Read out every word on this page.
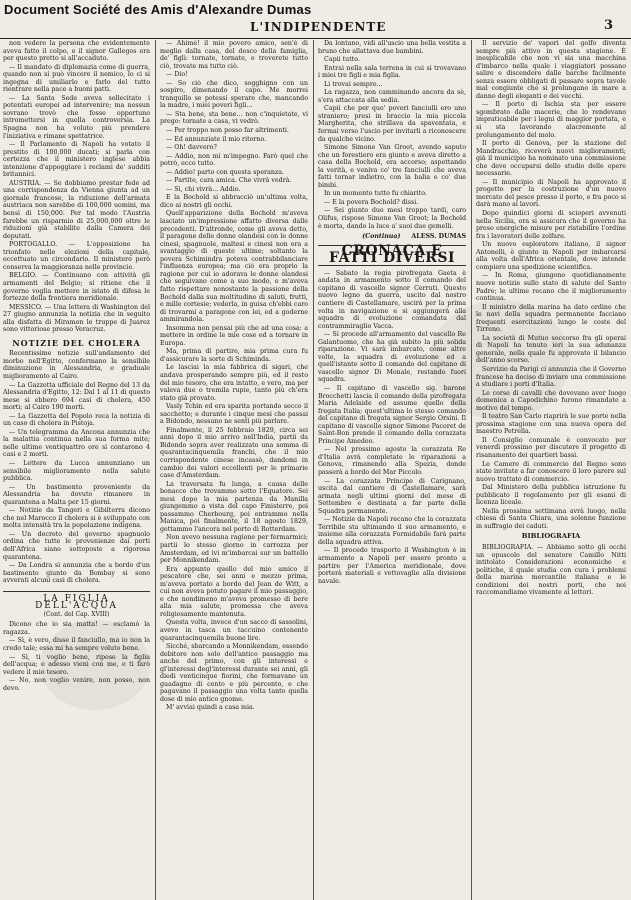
Document Société des Amis d'Alexandre Dumas
L'INDIPENDENTE	3

non vedere la persona che evidentemente aveva fatto il colpo, e il signor Gallegos era per questo pretto si all'accaduto.

— Il mandato di diplomazia come di guerra, quando non si può vincere il nemico, lo ci si ingegna di umiliarlo e farlo del tutto rientrare nella pace a buoni patti.

— La Santa Sede aveva sollecitato i potentati europei ad intervenire; ma nessun sovrano trovò che fosse opportuno intromettersi in quella controversia. La Spagna non ha voluto più prendere l'iniziativa e rimane spettatrice.

— Il Parlamento di Napoli ha votato il prestito di 100,000 ducati; si parla con certezza che il ministero inglese abbia intenzione d'appoggiare i reclami de' sudditi britannici.

AUSTRIA. — Se dobbiamo prestar fede ad una corrispondenza da Vienna giunta ad un giornale francese, la riduzione dell'armata austriaca non sarebbe di 100,000 uomini, ma bensì di 150,000. Per tal modo l'Austria farebbe un risparmio di 25,000,000 oltre le riduzioni già stabilite dalla Camera dei deputati.

PORTOGALLO. — L'opposizione ha trionfato nelle elezioni della capitale, eccettuato un circondario. Il ministero però conserva la maggioranza nelle provincie.

BELGIO. — Continuano con attività gli armamenti del Belgio; si ritiene che il governo voglia mettere in istato di difesa le fortezze della frontiera meridionale.

MESSICO. — Una lettera di Washington del 27 giugno annunzia la notizia che in seguito alla disfatta di Miramon le truppe di Juarez sono vittoriose presso Veracruz.

NOTIZIE DEL CHOLERA

Recentissime notizie sull'andamento del morbo nell'Egitto, confermano la sensibile diminuzione in Alessandria, e graduale miglioramento al Cairo.

— La Gazzetta ufficiale del Regno del 13 da Alessandria d'Egitto, 12: Dal 1 al 11 di questo mese si ebbero 694 casi di cholera, 450 morti; al Cairo 190 morti.

— La Gazzetta del Popolo reca la notizia di un caso di cholera in Pistoja.

— Un telegramma da Ancona annunzia che la malattia continua nella sua forma mite; nelle ultime ventiquattro ore si contarono 4 casi e 2 morti.

— Lettere da Lucca annunziano un sensibile miglioramento nella salute pubblica.

— Un bastimento proveniente da Alessandria ha dovuto rimanere in quarantena a Malta per 15 giorni.

— Notizie da Tangeri e Gibilterra dicono che nel Marocco il cholera si è sviluppato con molta intensità tra la popolazione indigena.

— Un decreto del governo spagnuolo ordina che tutte le provenienze dai porti dell'Africa siano sottoposte a rigorosa quarantena.

— Da Londra si annunzia che a bordo d'un bastimento giunto da Bombay si sono avverati alcuni casi di cholera.

LA FIGLIA DELL'ACQUA
(Cont. del Cap. XVIII)

Dicono che io sia matta! — esclamò la ragazza.

— Sì, è vero, disse il fanciullo, ma io non la credo tale; essa mi ha sempre voluto bene.

— Sì, ti voglio bene, ripose la figlia dell'acqua; e adesso vieni con me, e ti farò vedere il mio tesoro.

— No, non voglio venire, non posso, non devo.

— Ahimè! il mio povero amico, sen'è di meglio dalla casa, del desco della famiglia, de' figli: tornate, tornate, e troverete tutto ciò, trovate ma tutto ciò.

— Dio!

— So ciò che dico, sogghigno con un sospiro, dimenando il capo. Me morrei tranquillo se potessi sperare che, mancando la madre, i miei poveri figli...

— Sta bene, sta bene... non c'inquietate, vi prego: tornate a casa, vi vedrò.

— Per troppo non posso far altrimenti.

— Ed annunziate il mio ritorno.

— Oh! davvero?

— Addio, non mi m'impegno. Farò quel che potrò, ecco tutto.

— Addio! parto con questa speranza.

— Partite, cara amica. Che vivrà vedrà.

— Sì, chi vivrà... Addio.

E la Bochold si abbracciò un'ultima volta, dico ai nostri gli occhi.

Quell'apparizione della Bochold m'aveva lasciato un'impressione affatto diversa dalle precedenti. D'altronde, come gli aveva detto, il paragone delle donne olandesi con le donne cinesi, spagnuole, maltesi e cinesi non era a svantaggio di queste ultime; soltanto la povera Schimindra poteva contrabbilanciare l'influenza europea; ma ciò era proprio la ragione per cui io adorava le donne olandesi che seguivano come a suo modo, e m'aveva fatto rispettare nonostante la passione della Bochold dalla sua moltitudine di saluti, frutti, e mille cortesie; vederla, in guisa ch'ebbi caro di trovarmi a paragone con lei, ed a goderne ammirandola.

Insomma non pensai più che ad una cosa: a mettere in ordine le mie cose ed a tornare in Europa.

Ma, prima di partire, mia prima cura fu d'assicurare la sorte di Schiminda.

Le lasciai la mia fabbrica di sigari, che andava prosperando sempre più, ed il resto del mio tesoro, che era intatto, e vero, ma per valeva due o tremila rupie, tanto più ch'era stato già provato.

Vasly Tchin ed era sparita portando secco il sacchetto; e durante i cinque mesi che passai a Bidondo, nessuno ne sentì più parlare.

Finalmente, il 25 febbraio 1829, circa sei anni dopo il mio arrivo nell'India, partii da Bidondo sopra aver realizzato una somma di quarantacinquemila franchi, che il mio corrispondente cinese incassò, dandomi in cambio dei valori eccellenti per le primarie case d'Amsterdam.

La traversata fu lunga, a causa delle bonacce che trovammo sotto l'Equatore. Sei mesi dopo la mia partenza da Manilla giungemmo a vista del capo Finisterre, poi passammo Cherbourg, poi entrammo nella Manica, poi finalmente, il 18 agosto 1829, gettammo l'ancora nel porto di Rotterdam.

Non avevo nessuna ragione per fermarmici; partii lo stesso giorno in carrozza per Amsterdam, ed ivi m'imbarcai sur un battello per Monnikendam.

Era appunto quello del mio amico il pescatore che, sei anni e mezzo prima, m'aveva portato a bordo del Jean de Witt, a cui non aveva potuto pagare il mio passaggio, e che nondimeno m'aveva promesso di bere alla mia salute, promessa che aveva religiosamente mantenuta.

Questa volta, invece d'un sacco di sassolini, avevo in tasca un taccuino contenente quarantacinquemila buone lire.

Sicché, sbarcando a Monnikendam, essendo debitore non solo dell'antico passaggio ma anche del primo, con gli interessi e gl'interessi degl'interessi durante sei anni, gli diedi venticinque fiorini, che formavano un guadagno di cento e più percento, e che pagavano il passaggio una volta tanto quella dose di mio antico gnome.

M' avviai quindi a casa mia.

Da lontano, vidi all'uscio una bella vestita a bruno che allattava due bambini.

Capii tutto.

Entrai nella sala terrena in cui si trovavano i miei tre figli e mia figlia.

Li trovai sempre...

La ragazza, non camminando ancora da sè, s'era attaccata alla sedia.

Capii che per que' poveri fanciulli ero uno straniero; presi in braccio la mia piccola Margherita, che strillava da spaventata, e fermai verso l'uscio per invitarli a riconoscere da qualche vicino.

Simone Simone Van Groot, avendo saputo che un forestiero era giunto e aveva diretto a casa della Bochold, era accorso; aspettando la verità, e veniva co' tre fanciulli che aveva fatti tornar indietro, con la balia e co' due bimbi.

In un momento tutto fu chiarito.

— E la povera Bochold? dissi.

— Sei giunto due mesi troppo tardi, caro Olifus, rispose Simone Van Groot; la Bochold è morta, dando la luce a' suoi due gemelli.

(Continua) ALESS. DUMAS
CRONACA E FATTI DIVERSI

— Sabato la regia pirofregata Gaeta è andata in armamento sotto il comando del capitano di vascello signor Cerruti. Questo nuovo legno da guerra, uscito dal nostro cantiere di Castellamare, uscirà per la prima volta in navigazione e si aggiungerà alla squadra di evoluzione comandata dal contrammiraglio Vacca.

— Si procede all'armamento del vascello Re Galantuomo, che ha già subito la più solida riparazione. Vi sarà imbarcato, come altre volte, la squadra di evoluzione ed a quell'istante sotto il comando del capitano di vascello signor Di Monale, restando fuori squadra.

— Il capitano di vascello sig. barone Brocchetti lascia il comando della pirofregata Maria Adelaide ed assume quello della fregata Italia; quest'ultima lo stesso comando del capitano di fregata signor Sergio Orsini. Il capitano di vascello signor Simone Pacoret de Saint-Bon prende il comando della corazzata Principe Amedeo.

— Nel prossimo agosto la corazzata Re d'Italia avrà completate le riparazioni a Genova, rimanendo alla Spezia, donde passerà a bordo del Mar Piccolo.

— La corazzata Principe di Carignano, uscita dal cantiere di Castellamare, sarà armata negli ultimi giorni del mese di Settembre e destinata a far parte della Squadra permanente.

— Notizie da Napoli recano che la corazzata Terribile sta ultimando il suo armamento, e insieme alla corazzata Formidabile farà parte della squadra attiva.

— Il procedo trasporto il Washington è in armamento a Napoli per essere pronto a partire per l'America meridionale, dove porterà materiali e vettovaglie alla divisione navale.

Il servizio de' vapori del golfo diventa sempre più attivo in questa stagione. È inesplicabile che non vi sia una macchina d'imbarco nella quale i viaggiatori possano salire e discendere dalle barche facilmente senza essere obbligati di passare sopra tavole mal congiunte che si prolungano in mare a danno degli eleganti e dei vecchi.

— Il porto di Ischia sta per essere sgombrato dalle macerie, che lo rendevano impraticabile per i legni di maggior portata, e si sta lavorando alacremente al prolungamento del molo.

Il porto di Genova, per la stazione del Mandracchio, riceverà nuovi miglioramenti; già il municipio ha nominato una commissione che deve occuparsi dello studio delle opere necessarie.

— Il municipio di Napoli ha approvato il progetto per la costruzione d'un nuovo mercato del pesce presso il porto, e fra poco si darà mano ai lavori.

Dopo quindici giorni di scioperi avvenuti nella Sicilia, ora si assicura che il governo ha preso energiche misure per ristabilire l'ordine fra i lavoratori delle zolfare.

Un nuovo esploratore italiano, il signor Antonelli, è giunto in Napoli per imbarcarsi alla volta dell'Africa orientale, dove intende compiere una spedizione scientifica.

— In Roma, giungono quotidianamente nuove notizie sullo stato di salute del Santo Padre; le ultime recano che il miglioramento continua.

Il ministro della marina ha dato ordine che le navi della squadra permanente facciano frequenti esercitazioni lungo le coste del Tirreno.

La società di Mutuo soccorso fra gli operai di Napoli ha tenuto ieri la sua adunanza generale, nella quale fu approvato il bilancio dell'anno scorso.

Servizio da Parigi ci annunzia che il Governo francese ha deciso di inviare una commissione a studiare i porti d'Italia.

Le corse di cavalli che dovevano aver luogo domenica a Capodichino furono rimandate a motivo del tempo.

Il teatro San Carlo riaprirà le sue porte nella prossima stagione con una nuova opera del maestro Petrella.

Il Consiglio comunale è convocato per venerdì prossimo per discutere il progetto di risanamento dei quartieri bassi.

Le Camere di commercio del Regno sono state invitate a far conoscere il loro parere sul nuovo trattato di commercio.

Dal Ministero della pubblica istruzione fu pubblicato il regolamento per gli esami di licenza liceale.

Nella prossima settimana avrà luogo, nella chiesa di Santa Chiara, una solenne funzione in suffragio dei caduti.

BIBLIOGRAFIA

BIBLIOGRAFIA. — Abbiamo sotto gli occhi un opuscolo del senatore Camillo Nitti intitolato Considerazioni economiche e politiche, il quale studia con cura i problemi della marina mercantile italiana e le condizioni dei nostri porti, che noi raccomandiamo vivamente ai lettori.
